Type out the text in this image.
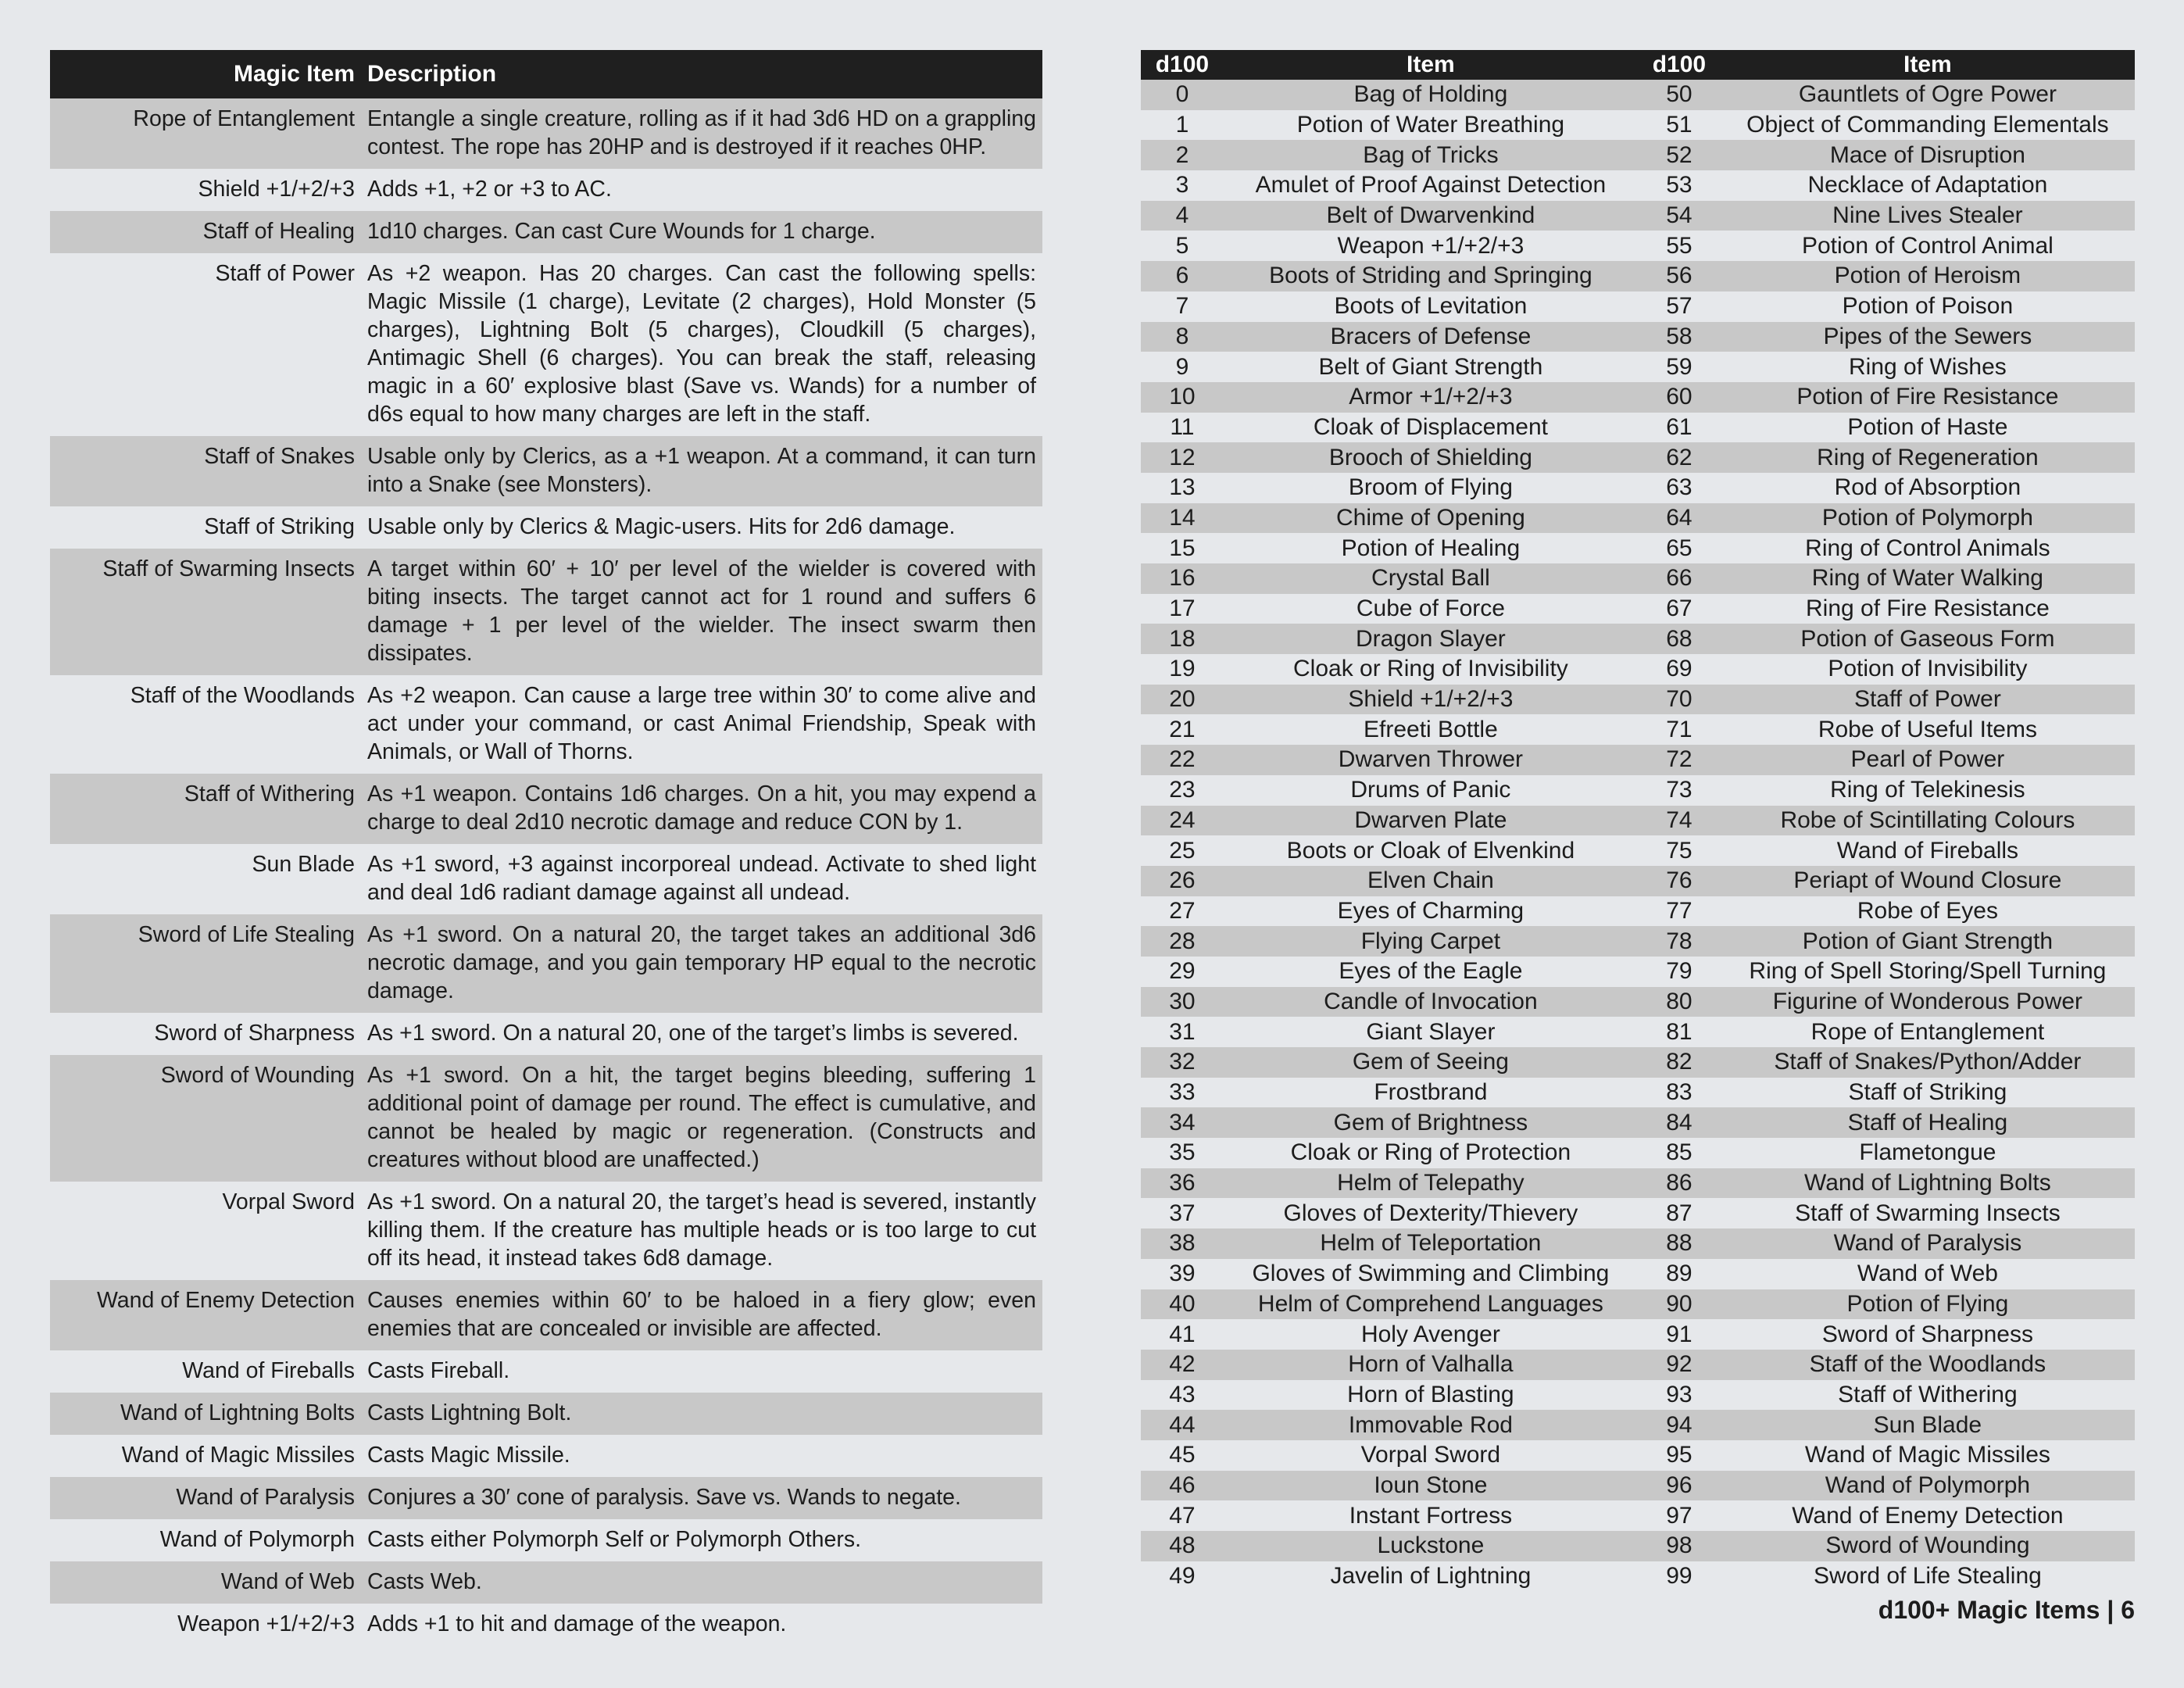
Magic Item	Description
Rope of Entanglement	Entangle a single creature, rolling as if it had 3d6 HD on a grappling contest. The rope has 20HP and is destroyed if it reaches 0HP.
Shield +1/+2/+3	Adds +1, +2 or +3 to AC.
Staff of Healing	1d10 charges. Can cast Cure Wounds for 1 charge.
Staff of Power	As +2 weapon. Has 20 charges. Can cast the following spells: Magic Missile (1 charge), Levitate (2 charges), Hold Monster (5 charges), Lightning Bolt (5 charges), Cloudkill (5 charges), Antimagic Shell (6 charges). You can break the staff, releasing magic in a 60′ explosive blast (Save vs. Wands) for a number of d6s equal to how many charges are left in the staff.
Staff of Snakes	Usable only by Clerics, as a +1 weapon. At a command, it can turn into a Snake (see Monsters).
Staff of Striking	Usable only by Clerics & Magic-users. Hits for 2d6 damage.
Staff of Swarming Insects	A target within 60′ + 10′ per level of the wielder is covered with biting insects. The target cannot act for 1 round and suffers 6 damage + 1 per level of the wielder. The insect swarm then dissipates.
Staff of the Woodlands	As +2 weapon. Can cause a large tree within 30′ to come alive and act under your command, or cast Animal Friendship, Speak with Animals, or Wall of Thorns.
Staff of Withering	As +1 weapon. Contains 1d6 charges. On a hit, you may expend a charge to deal 2d10 necrotic damage and reduce CON by 1.
Sun Blade	As +1 sword, +3 against incorporeal undead. Activate to shed light and deal 1d6 radiant damage against all undead.
Sword of Life Stealing	As +1 sword. On a natural 20, the target takes an additional 3d6 necrotic damage, and you gain temporary HP equal to the necrotic damage.
Sword of Sharpness	As +1 sword. On a natural 20, one of the target’s limbs is severed.
Sword of Wounding	As +1 sword. On a hit, the target begins bleeding, suffering 1 additional point of damage per round. The effect is cumulative, and cannot be healed by magic or regeneration. (Constructs and creatures without blood are unaffected.)
Vorpal Sword	As +1 sword. On a natural 20, the target’s head is severed, instantly killing them. If the creature has multiple heads or is too large to cut off its head, it instead takes 6d8 damage.
Wand of Enemy Detection	Causes enemies within 60′ to be haloed in a fiery glow; even enemies that are concealed or invisible are affected.
Wand of Fireballs	Casts Fireball.
Wand of Lightning Bolts	Casts Lightning Bolt.
Wand of Magic Missiles	Casts Magic Missile.
Wand of Paralysis	Conjures a 30′ cone of paralysis. Save vs. Wands to negate.
Wand of Polymorph	Casts either Polymorph Self or Polymorph Others.
Wand of Web	Casts Web.
Weapon +1/+2/+3	Adds +1 to hit and damage of the weapon.
d100	Item	d100	Item
0	Bag of Holding	50	Gauntlets of Ogre Power
1	Potion of Water Breathing	51	Object of Commanding Elementals
2	Bag of Tricks	52	Mace of Disruption
3	Amulet of Proof Against Detection	53	Necklace of Adaptation
4	Belt of Dwarvenkind	54	Nine Lives Stealer
5	Weapon +1/+2/+3	55	Potion of Control Animal
6	Boots of Striding and Springing	56	Potion of Heroism
7	Boots of Levitation	57	Potion of Poison
8	Bracers of Defense	58	Pipes of the Sewers
9	Belt of Giant Strength	59	Ring of Wishes
10	Armor +1/+2/+3	60	Potion of Fire Resistance
11	Cloak of Displacement	61	Potion of Haste
12	Brooch of Shielding	62	Ring of Regeneration
13	Broom of Flying	63	Rod of Absorption
14	Chime of Opening	64	Potion of Polymorph
15	Potion of Healing	65	Ring of Control Animals
16	Crystal Ball	66	Ring of Water Walking
17	Cube of Force	67	Ring of Fire Resistance
18	Dragon Slayer	68	Potion of Gaseous Form
19	Cloak or Ring of Invisibility	69	Potion of Invisibility
20	Shield +1/+2/+3	70	Staff of Power
21	Efreeti Bottle	71	Robe of Useful Items
22	Dwarven Thrower	72	Pearl of Power
23	Drums of Panic	73	Ring of Telekinesis
24	Dwarven Plate	74	Robe of Scintillating Colours
25	Boots or Cloak of Elvenkind	75	Wand of Fireballs
26	Elven Chain	76	Periapt of Wound Closure
27	Eyes of Charming	77	Robe of Eyes
28	Flying Carpet	78	Potion of Giant Strength
29	Eyes of the Eagle	79	Ring of Spell Storing/Spell Turning
30	Candle of Invocation	80	Figurine of Wonderous Power
31	Giant Slayer	81	Rope of Entanglement
32	Gem of Seeing	82	Staff of Snakes/Python/Adder
33	Frostbrand	83	Staff of Striking
34	Gem of Brightness	84	Staff of Healing
35	Cloak or Ring of Protection	85	Flametongue
36	Helm of Telepathy	86	Wand of Lightning Bolts
37	Gloves of Dexterity/Thievery	87	Staff of Swarming Insects
38	Helm of Teleportation	88	Wand of Paralysis
39	Gloves of Swimming and Climbing	89	Wand of Web
40	Helm of Comprehend Languages	90	Potion of Flying
41	Holy Avenger	91	Sword of Sharpness
42	Horn of Valhalla	92	Staff of the Woodlands
43	Horn of Blasting	93	Staff of Withering
44	Immovable Rod	94	Sun Blade
45	Vorpal Sword	95	Wand of Magic Missiles
46	Ioun Stone	96	Wand of Polymorph
47	Instant Fortress	97	Wand of Enemy Detection
48	Luckstone	98	Sword of Wounding
49	Javelin of Lightning	99	Sword of Life Stealing
d100+ Magic Items | 6
